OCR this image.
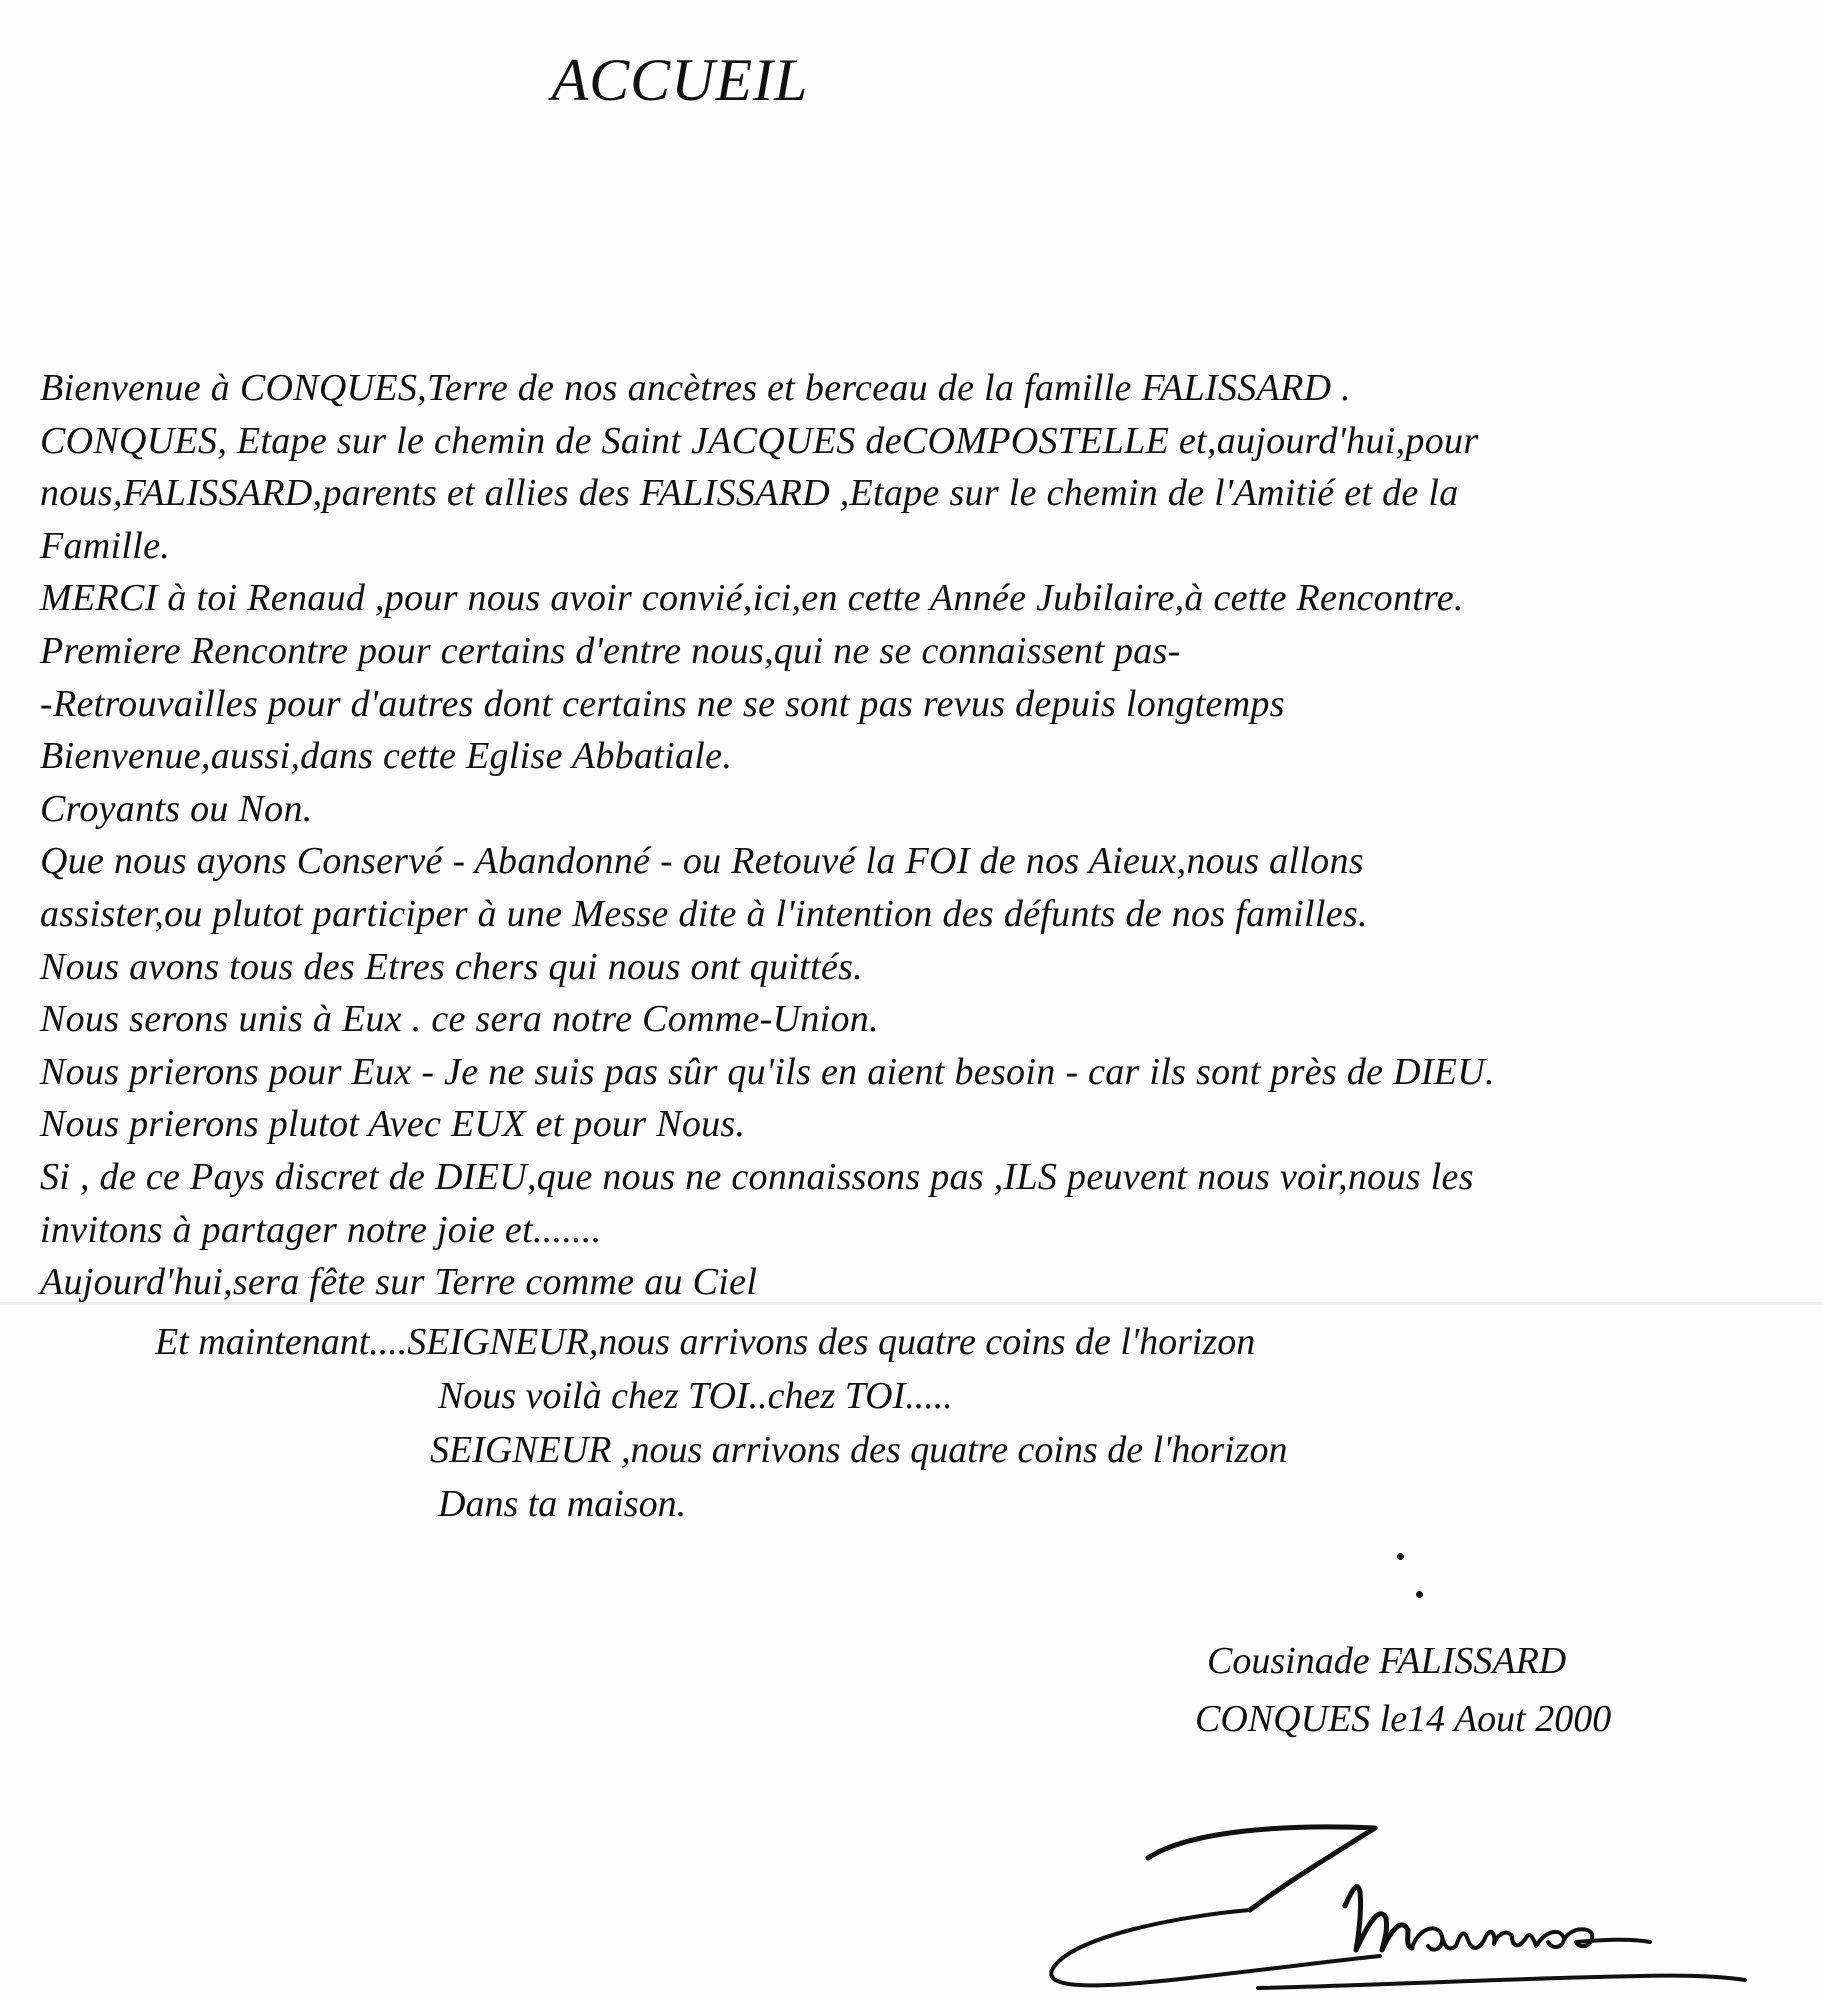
ACCUEIL
Bienvenue à CONQUES,Terre de nos ancètres et berceau de la famille FALISSARD .
CONQUES, Etape sur le chemin de Saint JACQUES deCOMPOSTELLE et,aujourd'hui,pour
nous,FALISSARD,parents et allies des FALISSARD ,Etape sur le chemin de l'Amitié et de la
Famille.
MERCI à toi Renaud ,pour nous avoir convié,ici,en cette Année Jubilaire,à cette Rencontre.
Premiere Rencontre pour certains d'entre nous,qui ne se connaissent pas-
-Retrouvailles pour d'autres dont certains ne se sont pas revus depuis longtemps
Bienvenue,aussi,dans cette Eglise Abbatiale.
Croyants ou Non.
Que nous ayons Conservé - Abandonné - ou Retouvé la FOI de nos Aieux,nous allons
assister,ou plutot participer à une Messe dite à l'intention des défunts de nos familles.
Nous avons tous des Etres chers qui nous ont quittés.
Nous serons unis à Eux . ce sera notre Comme-Union.
Nous prierons pour Eux - Je ne suis pas sûr qu'ils en aient besoin - car ils sont près de DIEU.
Nous prierons plutot Avec EUX et pour Nous.
Si , de ce Pays discret de DIEU,que nous ne connaissons pas ,ILS peuvent nous voir,nous les
invitons à partager notre joie et.......
Aujourd'hui,sera fête sur Terre comme au Ciel
Et maintenant....SEIGNEUR,nous arrivons des quatre coins de l'horizon
Nous voilà chez TOI..chez TOI.....
SEIGNEUR ,nous arrivons des quatre coins de l'horizon
Dans ta maison.
Cousinade FALISSARD
CONQUES le14 Aout 2000
